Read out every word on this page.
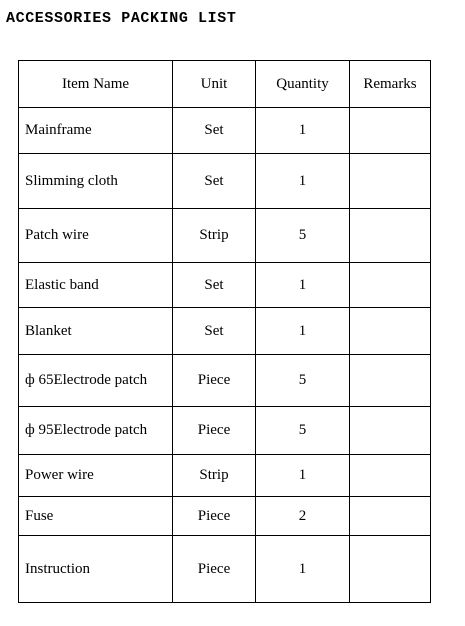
ACCESSORIES PACKING LIST
Item Name	Unit	Quantity	Remarks
Mainframe	Set	1	
Slimming cloth	Set	1	
Patch wire	Strip	5	
Elastic band	Set	1	
Blanket	Set	1	
ф 65Electrode patch	Piece	5	
ф 95Electrode patch	Piece	5	
Power wire	Strip	1	
Fuse	Piece	2	
Instruction	Piece	1	
